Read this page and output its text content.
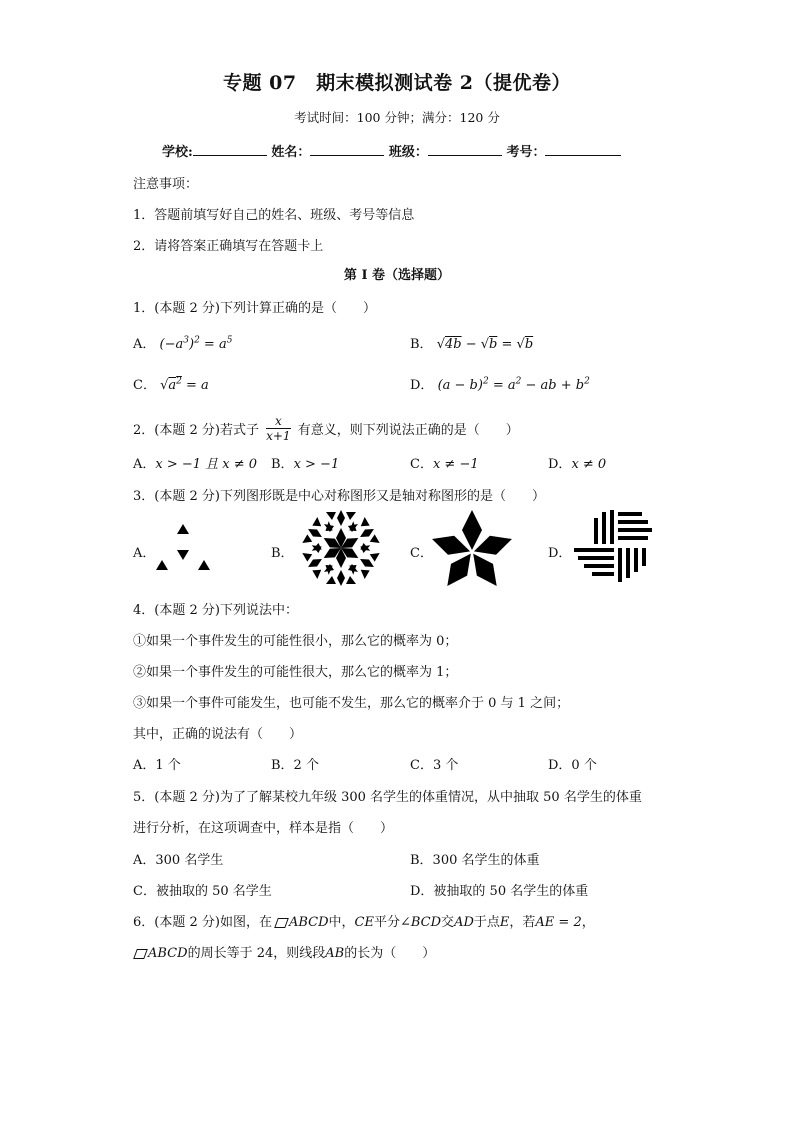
专题 07　期末模拟测试卷 2（提优卷）
考试时间：100 分钟；满分：120 分
学校:	姓名：	班级：	考号：
注意事项：
1．答题前填写好自己的姓名、班级、考号等信息
2．请将答案正确填写在答题卡上
第 I 卷（选择题）
1．(本题 2 分)下列计算正确的是（　　）
A． $(-a^3)^2 = a^5$	B． √4b − √b = √b
C． $√a^2 = a$	D． $(a - b)^2 = a^2$ − ab + $b^2$
2．(本题 2 分)若式子 $\frac{x}{x+1}$ 有意义，则下列说法正确的是（　　）
A．x > −1 且 x ≠ 0 B．x > −1	C．x ≠ −1	D．x ≠ 0
3．(本题 2 分)下列图形既是中心对称图形又是轴对称图形的是（　　）
A．	B．	C．	D．
4．(本题 2 分)下列说法中：
①如果一个事件发生的可能性很小，那么它的概率为 0；
②如果一个事件发生的可能性很大，那么它的概率为 1；
③如果一个事件可能发生，也可能不发生，那么它的概率介于 0 与 1 之间；
其中，正确的说法有（　　）
A．1 个	B．2 个	C．3 个	D．0 个
5．(本题 2 分)为了了解某校九年级 300 名学生的体重情况，从中抽取 50 名学生的体重
进行分析，在这项调查中，样本是指（　　）
A．300 名学生	B．300 名学生的体重
C．被抽取的 50 名学生	D．被抽取的 50 名学生的体重
6．(本题 2 分)如图，在 ABCD中，CE平分∠BCD交AD于点E，若AE = 2，
ABCD的周长等于 24，则线段AB的长为（　　）
